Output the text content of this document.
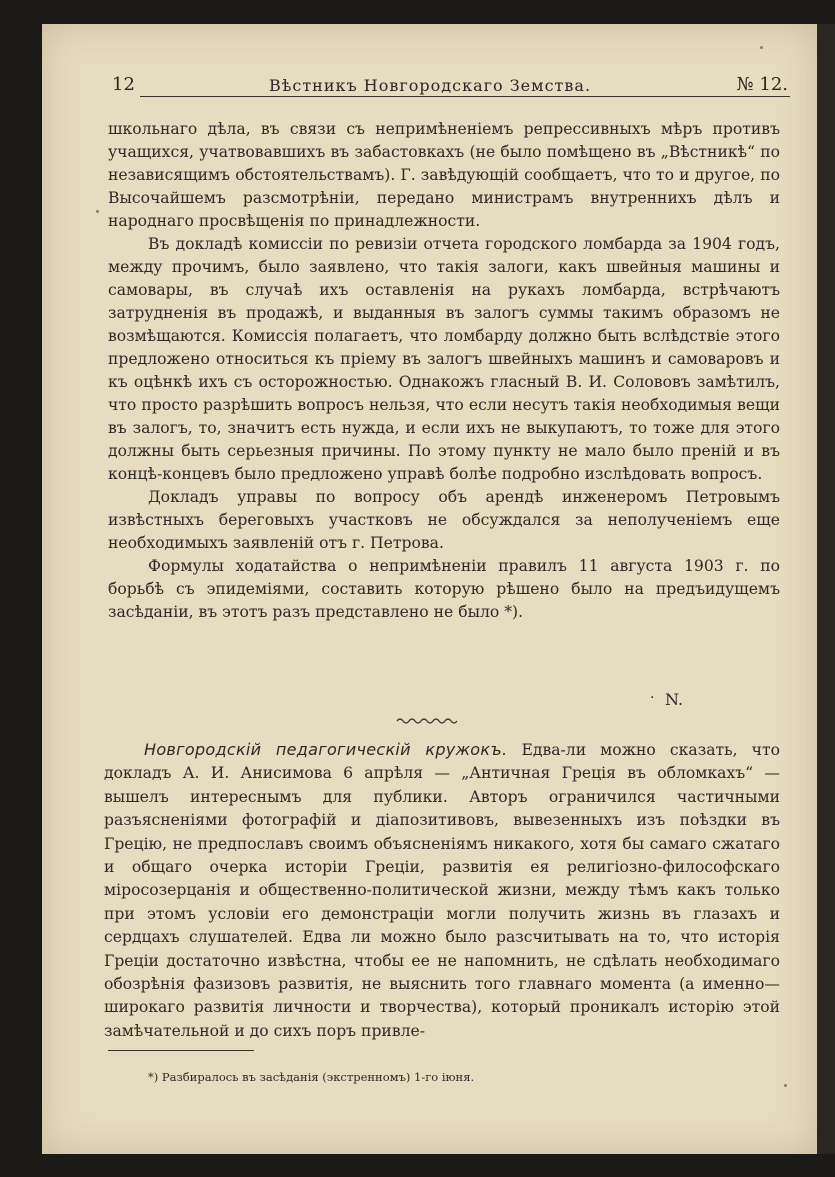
12	Вѣстникъ Новгородскаго Земства.	№ 12.

школьнаго дѣла, въ связи съ непримѣненіемъ репрессивныхъ мѣръ противъ учащихся, учатвовавшихъ въ забастовкахъ (не было помѣщено въ „Вѣстникѣ“ по независящимъ обстоятельствамъ). Г. завѣдующій сообщаетъ, что то и другое, по Высочайшемъ разсмотрѣніи, передано министрамъ внутреннихъ дѣлъ и народнаго просвѣщенія по принадлежности.

Въ докладѣ комиссіи по ревизіи отчета городского ломбарда за 1904 годъ, между прочимъ, было заявлено, что такія залоги, какъ швейныя машины и самовары, въ случаѣ ихъ оставленія на рукахъ ломбарда, встрѣчаютъ затрудненія въ продажѣ, и выданныя въ залогъ суммы такимъ образомъ не возмѣщаются. Комиссія полагаетъ, что ломбарду должно быть вслѣдствіе этого предложено относиться къ пріему въ залогъ швейныхъ машинъ и самоваровъ и къ оцѣнкѣ ихъ съ осторожностью. Однакожъ гласный В. И. Солововъ замѣтилъ, что просто разрѣшить вопросъ нельзя, что если несутъ такія необходимыя вещи въ залогъ, то, значитъ есть нужда, и если ихъ не выкупаютъ, то тоже для этого должны быть серьезныя причины. По этому пункту не мало было преній и въ концѣ-концевъ было предложено управѣ болѣе подробно изслѣдовать вопросъ.

Докладъ управы по вопросу объ арендѣ инженеромъ Петровымъ извѣстныхъ береговыхъ участковъ не обсуждался за неполученіемъ еще необходимыхъ заявленій отъ г. Петрова.

Формулы ходатайства о непримѣненіи правилъ 11 августа 1903 г. по борьбѣ съ эпидеміями, составить которую рѣшено было на предъидущемъ засѣданіи, въ этотъ разъ представлено не было *).

· N.

Новгородскій педагогическій кружокъ. Едва-ли можно сказать, что докладъ А. И. Анисимова 6 апрѣля — „Античная Греція въ обломкахъ“ — вышелъ интереснымъ для публики. Авторъ ограничился частичными разъясненіями фотографій и діапозитивовъ, вывезенныхъ изъ поѣздки въ Грецію, не предпославъ своимъ объясненіямъ никакого, хотя бы самаго сжатаго и общаго очерка исторіи Греціи, развитія ея религіозно-философскаго міросозерцанія и общественно-политической жизни, между тѣмъ какъ только при этомъ условіи его демонстраціи могли получить жизнь въ глазахъ и сердцахъ слушателей. Едва ли можно было разсчитывать на то, что исторія Греціи достаточно извѣстна, чтобы ее не напомнить, не сдѣлать необходимаго обозрѣнія фазизовъ развитія, не выяснить того главнаго момента (а именно—широкаго развитія личности и творчества), который проникалъ исторію этой замѣчательной и до сихъ поръ привле-

*) Разбиралось въ засѣданія (экстренномъ) 1-го іюня.
